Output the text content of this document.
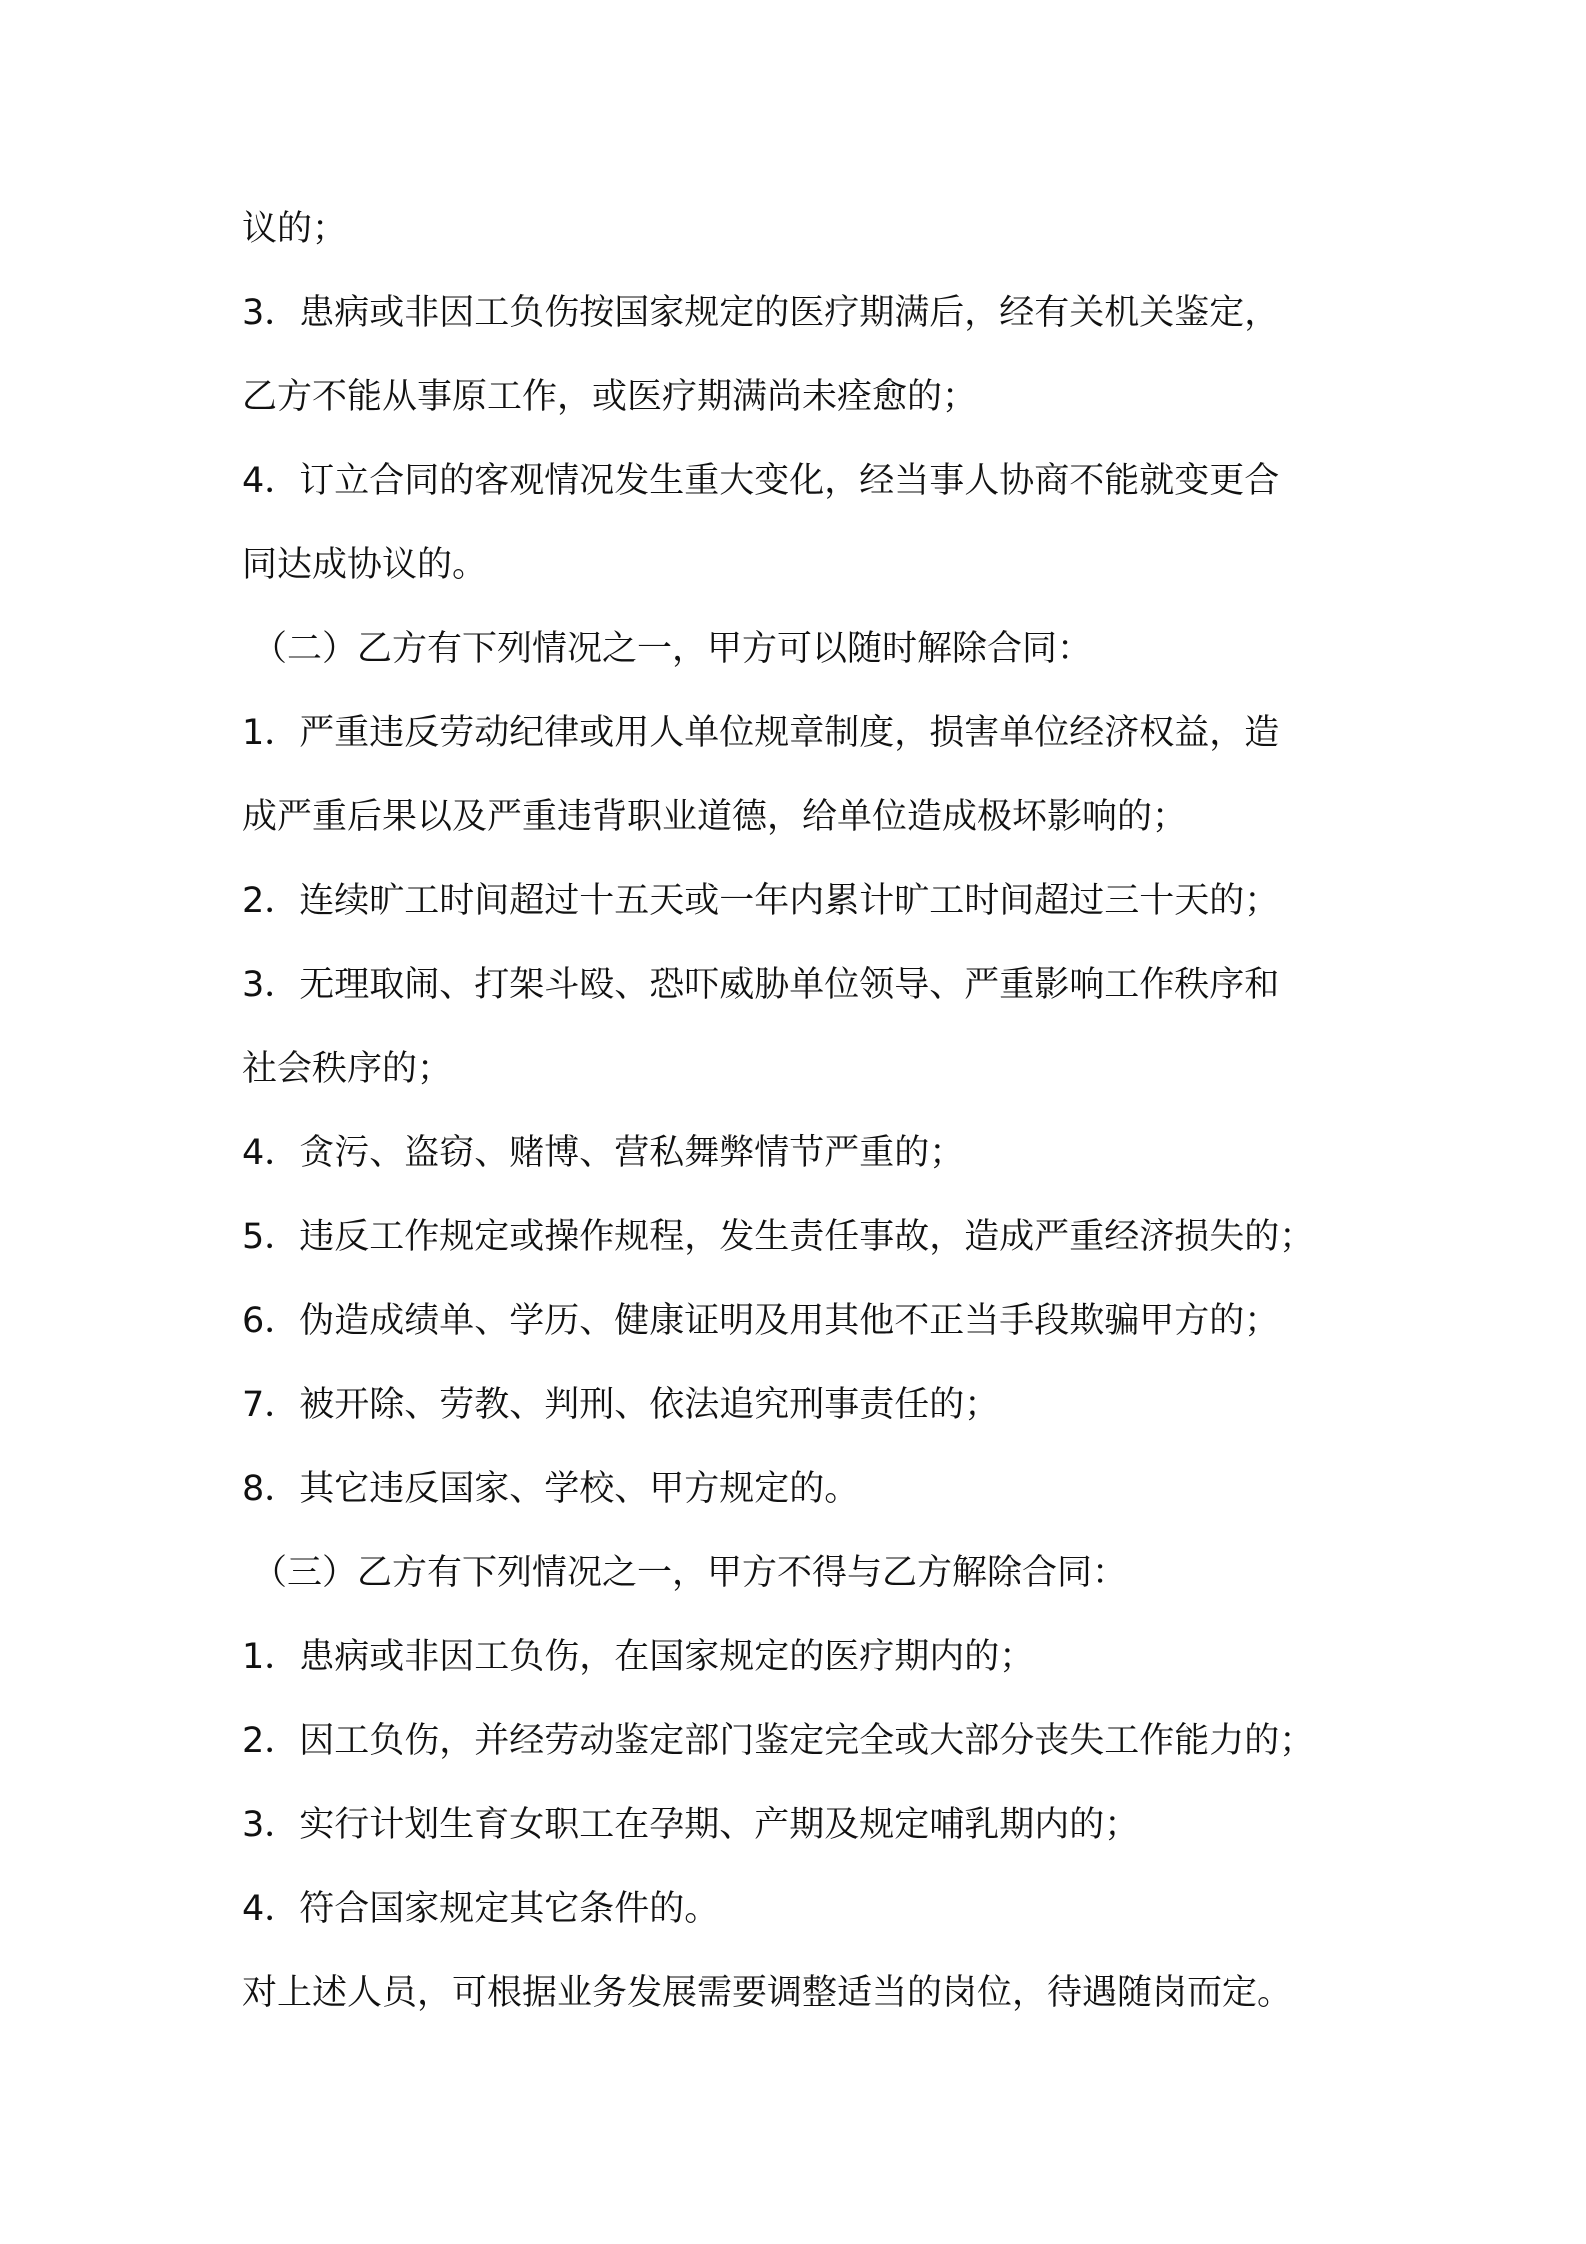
议的；

3．患病或非因工负伤按国家规定的医疗期满后，经有关机关鉴定，

乙方不能从事原工作，或医疗期满尚未痊愈的；

4．订立合同的客观情况发生重大变化，经当事人协商不能就变更合

同达成协议的。

（二）乙方有下列情况之一，甲方可以随时解除合同：

1．严重违反劳动纪律或用人单位规章制度，损害单位经济权益，造

成严重后果以及严重违背职业道德，给单位造成极坏影响的；

2．连续旷工时间超过十五天或一年内累计旷工时间超过三十天的；

3．无理取闹、打架斗殴、恐吓威胁单位领导、严重影响工作秩序和

社会秩序的；

4．贪污、盗窃、赌博、营私舞弊情节严重的；

5．违反工作规定或操作规程，发生责任事故，造成严重经济损失的；

6．伪造成绩单、学历、健康证明及用其他不正当手段欺骗甲方的；

7．被开除、劳教、判刑、依法追究刑事责任的；

8．其它违反国家、学校、甲方规定的。

（三）乙方有下列情况之一，甲方不得与乙方解除合同：

1．患病或非因工负伤，在国家规定的医疗期内的；

2．因工负伤，并经劳动鉴定部门鉴定完全或大部分丧失工作能力的；

3．实行计划生育女职工在孕期、产期及规定哺乳期内的；

4．符合国家规定其它条件的。

对上述人员，可根据业务发展需要调整适当的岗位，待遇随岗而定。
